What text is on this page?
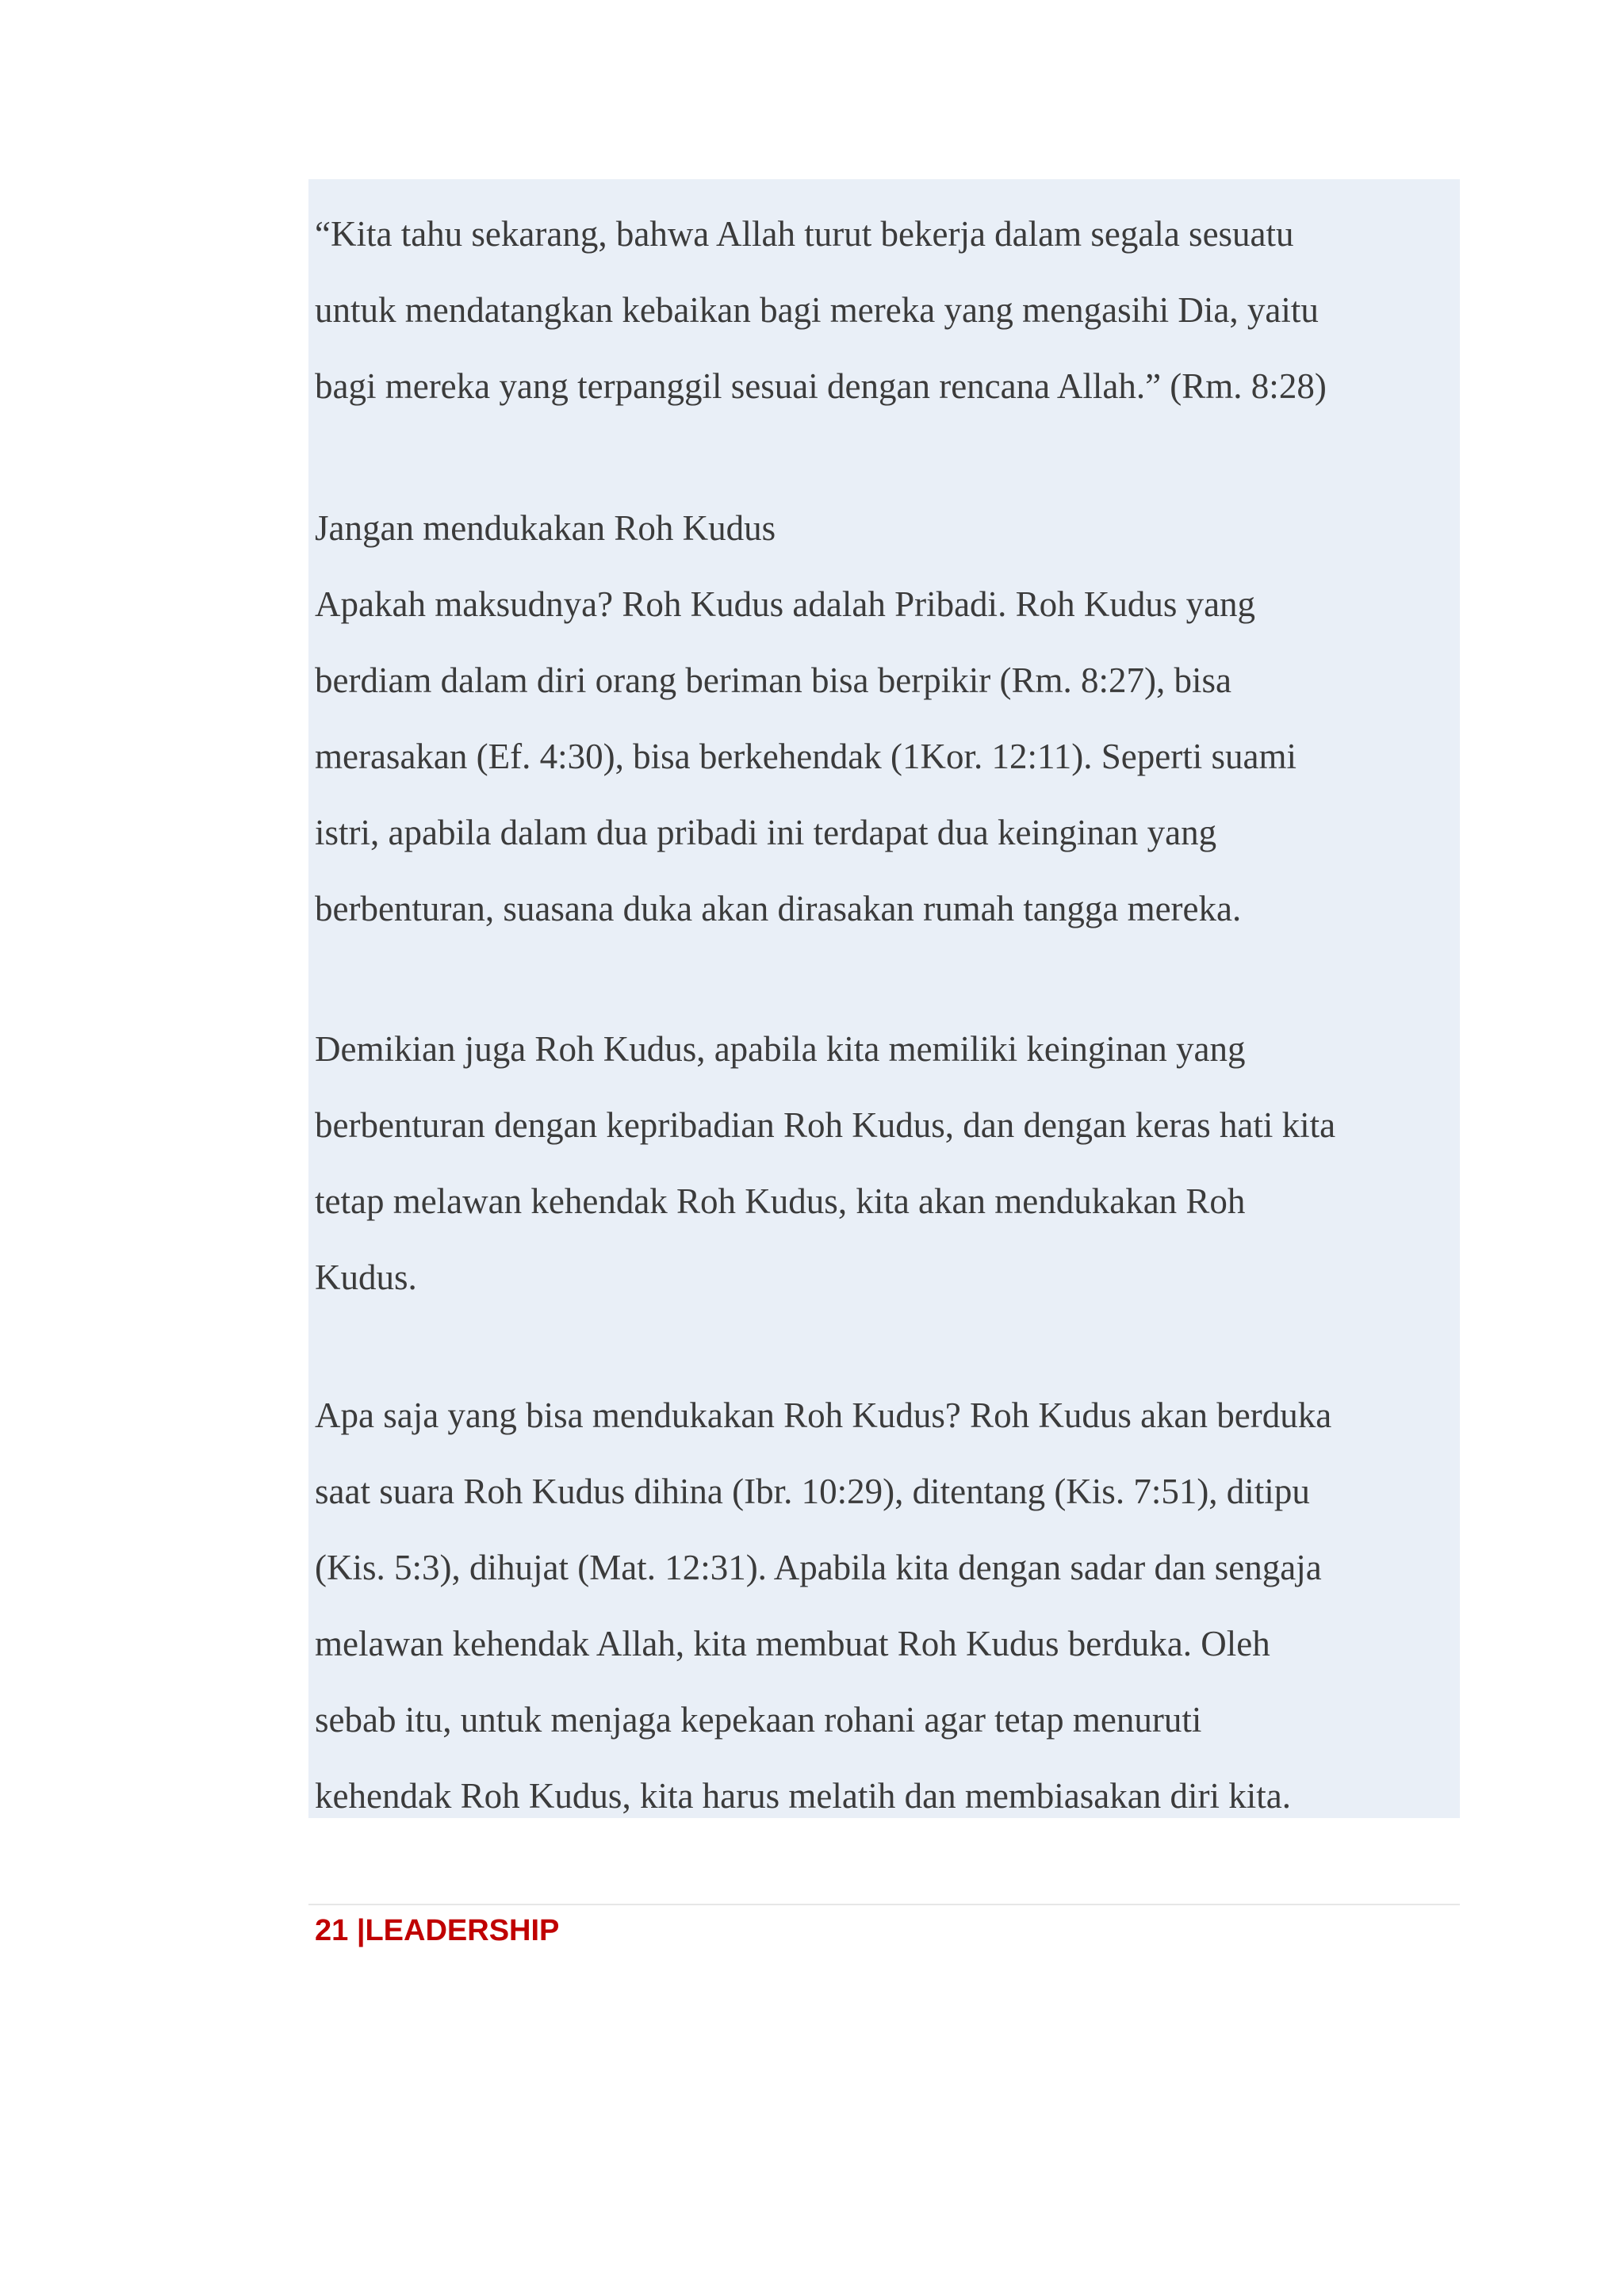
“Kita tahu sekarang, bahwa Allah turut bekerja dalam segala sesuatu

untuk mendatangkan kebaikan bagi mereka yang mengasihi Dia, yaitu

bagi mereka yang terpanggil sesuai dengan rencana Allah.” (Rm. 8:28)

Jangan mendukakan Roh Kudus

Apakah maksudnya? Roh Kudus adalah Pribadi. Roh Kudus yang

berdiam dalam diri orang beriman bisa berpikir (Rm. 8:27), bisa

merasakan (Ef. 4:30), bisa berkehendak (1Kor. 12:11). Seperti suami

istri, apabila dalam dua pribadi ini terdapat dua keinginan yang

berbenturan, suasana duka akan dirasakan rumah tangga mereka.

Demikian juga Roh Kudus, apabila kita memiliki keinginan yang

berbenturan dengan kepribadian Roh Kudus, dan dengan keras hati kita

tetap melawan kehendak Roh Kudus, kita akan mendukakan Roh

Kudus.

Apa saja yang bisa mendukakan Roh Kudus? Roh Kudus akan berduka

saat suara Roh Kudus dihina (Ibr. 10:29), ditentang (Kis. 7:51), ditipu

(Kis. 5:3), dihujat (Mat. 12:31). Apabila kita dengan sadar dan sengaja

melawan kehendak Allah, kita membuat Roh Kudus berduka. Oleh

sebab itu, untuk menjaga kepekaan rohani agar tetap menuruti

kehendak Roh Kudus, kita harus melatih dan membiasakan diri kita.

21 |LEADERSHIP
